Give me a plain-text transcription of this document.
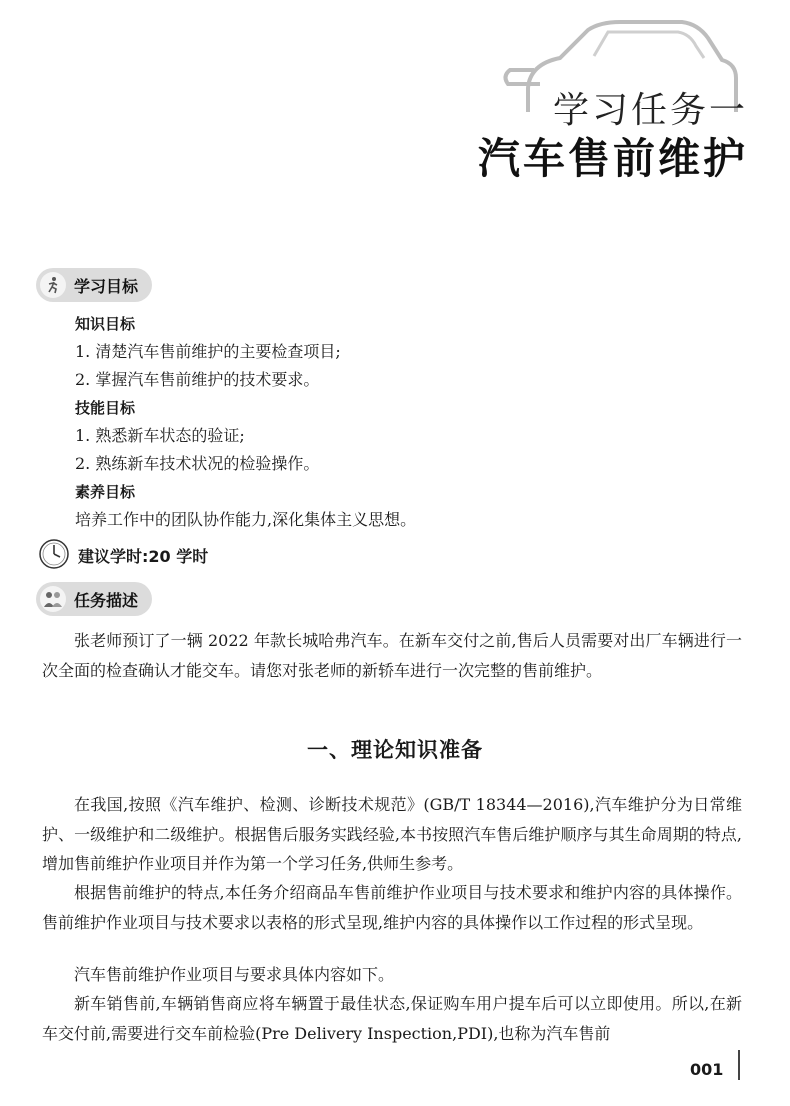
学习任务一
汽车售前维护
学习目标
知识目标
1. 清楚汽车售前维护的主要检查项目;
2. 掌握汽车售前维护的技术要求。
技能目标
1. 熟悉新车状态的验证;
2. 熟练新车技术状况的检验操作。
素养目标
培养工作中的团队协作能力,深化集体主义思想。
建议学时:20 学时
任务描述
张老师预订了一辆 2022 年款长城哈弗汽车。在新车交付之前,售后人员需要对出厂车辆进行一次全面的检查确认才能交车。请您对张老师的新轿车进行一次完整的售前维护。
一、理论知识准备
在我国,按照《汽车维护、检测、诊断技术规范》(GB/T 18344—2016),汽车维护分为日常维护、一级维护和二级维护。根据售后服务实践经验,本书按照汽车售后维护顺序与其生命周期的特点,增加售前维护作业项目并作为第一个学习任务,供师生参考。
根据售前维护的特点,本任务介绍商品车售前维护作业项目与技术要求和维护内容的具体操作。售前维护作业项目与技术要求以表格的形式呈现,维护内容的具体操作以工作过程的形式呈现。
汽车售前维护作业项目与要求具体内容如下。
新车销售前,车辆销售商应将车辆置于最佳状态,保证购车用户提车后可以立即使用。所以,在新车交付前,需要进行交车前检验(Pre Delivery Inspection,PDI),也称为汽车售前
001
